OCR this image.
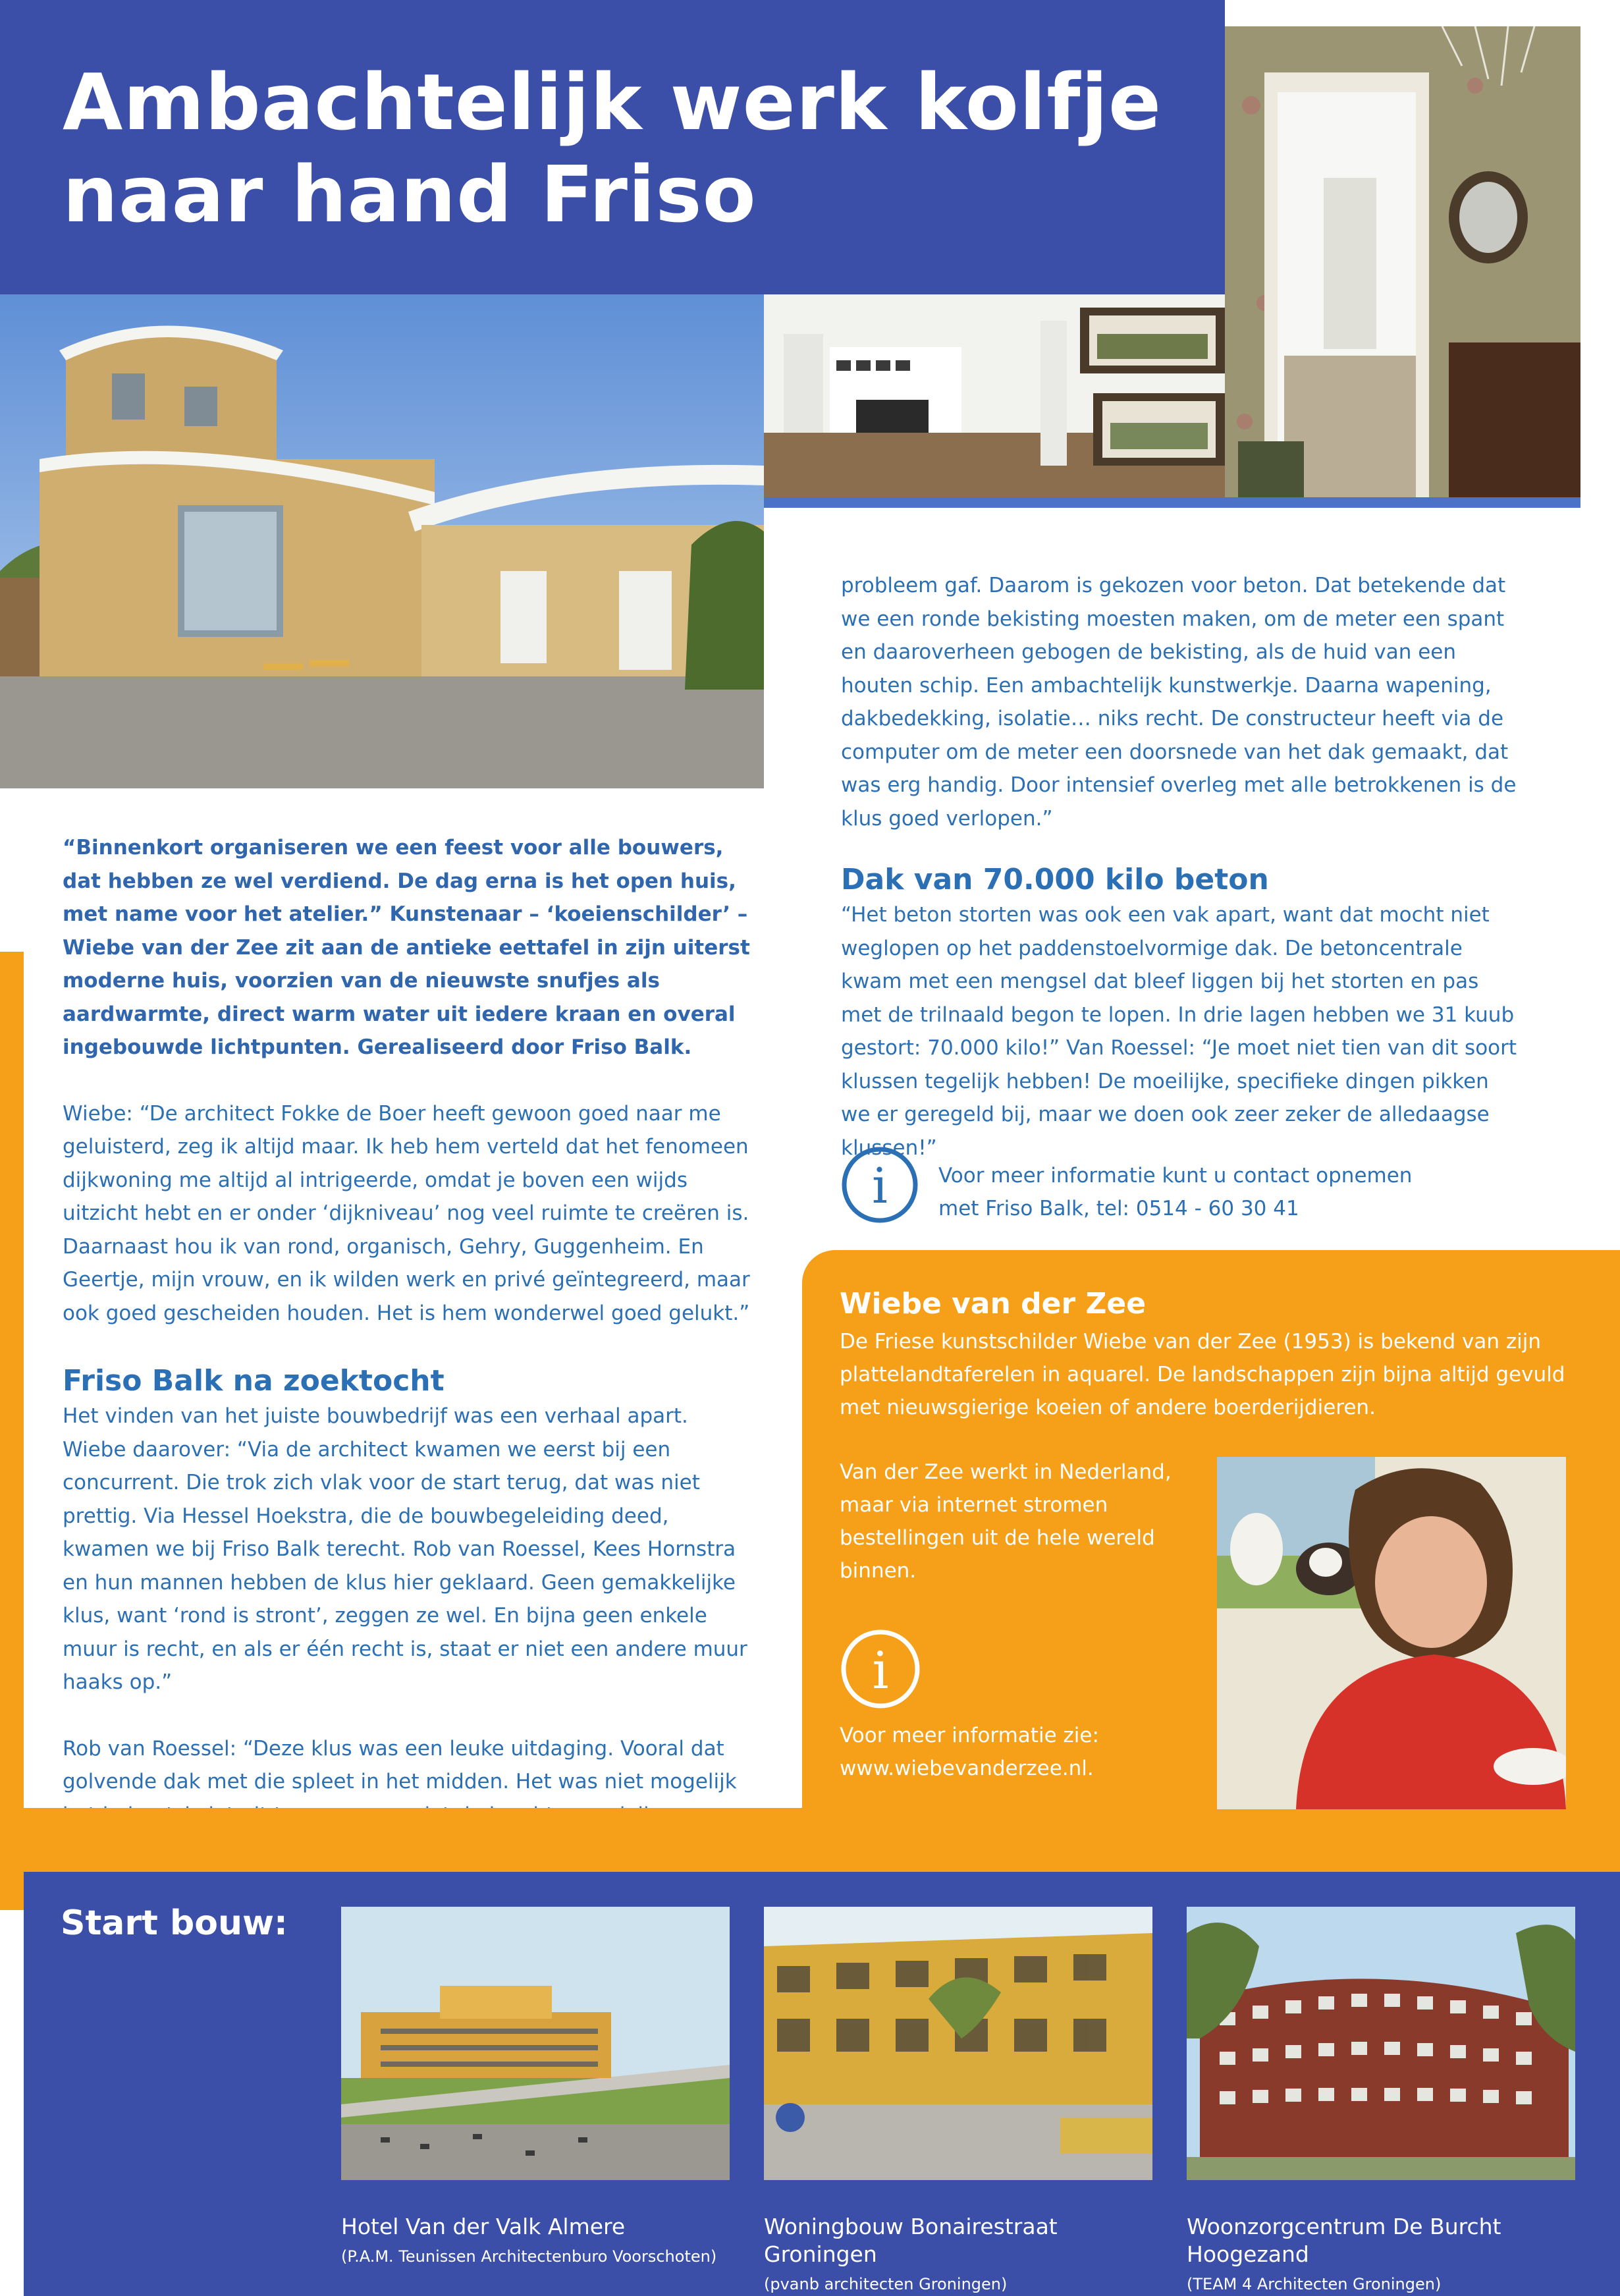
Ambachtelijk werk kolfje
naar hand Friso

“Binnenkort organiseren we een feest voor alle bouwers, dat hebben ze wel verdiend. De dag erna is het open huis, met name voor het atelier.” Kunstenaar – ‘koeienschilder’ – Wiebe van der Zee zit aan de antieke eettafel in zijn uiterst moderne huis, voorzien van de nieuwste snufjes als aardwarmte, direct warm water uit iedere kraan en overal ingebouwde lichtpunten. Gerealiseerd door Friso Balk.

Wiebe: “De architect Fokke de Boer heeft gewoon goed naar me geluisterd, zeg ik altijd maar. Ik heb hem verteld dat het fenomeen dijkwoning me altijd al intrigeerde, omdat je boven een wijds uitzicht hebt en er onder ‘dijkniveau’ nog veel ruimte te creëren is. Daarnaast hou ik van rond, organisch, Gehry, Guggenheim. En Geertje, mijn vrouw, en ik wilden werk en privé geïntegreerd, maar ook goed gescheiden houden. Het is hem wonderwel goed gelukt.”

Friso Balk na zoektocht

Het vinden van het juiste bouwbedrijf was een verhaal apart. Wiebe daarover: “Via de architect kwamen we eerst bij een concurrent. Die trok zich vlak voor de start terug, dat was niet prettig. Via Hessel Hoekstra, die de bouwbegeleiding deed, kwamen we bij Friso Balk terecht. Rob van Roessel, Kees Hornstra en hun mannen hebben de klus hier geklaard. Geen gemakkelijke klus, want ‘rond is stront’, zeggen ze wel. En bijna geen enkele muur is recht, en als er één recht is, staat er niet een andere muur haaks op.”

Rob van Roessel: “Deze klus was een leuke uitdaging. Vooral dat golvende dak met die spleet in het midden. Het was niet mogelijk

probleem gaf. Daarom is gekozen voor beton. Dat betekende dat we een ronde bekisting moesten maken, om de meter een spant en daaroverheen gebogen de bekisting, als de huid van een houten schip. Een ambachtelijk kunstwerkje. Daarna wapening, dakbedekking, isolatie… niks recht. De constructeur heeft via de computer om de meter een doorsnede van het dak gemaakt, dat was erg handig. Door intensief overleg met alle betrokkenen is de klus goed verlopen.”

Dak van 70.000 kilo beton

“Het beton storten was ook een vak apart, want dat mocht niet weglopen op het paddenstoelvormige dak. De betoncentrale kwam met een mengsel dat bleef liggen bij het storten en pas met de trilnaald begon te lopen. In drie lagen hebben we 31 kuub gestort: 70.000 kilo!” Van Roessel: “Je moet niet tien van dit soort klussen tegelijk hebben! De moeilijke, specifieke dingen pikken we er geregeld bij, maar we doen ook zeer zeker de alledaagse klussen!”

i Voor meer informatie kunt u contact opnemen
met Friso Balk, tel: 0514 - 60 30 41
Wiebe van der Zee
De Friese kunstschilder Wiebe van der Zee (1953) is bekend van zijn plattelandtaferelen in aquarel. De landschappen zijn bijna altijd gevuld met nieuwsgierige koeien of andere boerderijdieren.
Van der Zee werkt in Nederland, maar via internet stromen bestellingen uit de hele wereld binnen.
i
Voor meer informatie zie:
www.wiebevanderzee.nl.
Start bouw:
Hotel Van der Valk Almere
(P.A.M. Teunissen Architectenburo Voorschoten)
Woningbouw Bonairestraat Groningen
(pvanb architecten Groningen)
Woonzorgcentrum De Burcht Hoogezand
(TEAM 4 Architecten Groningen)
